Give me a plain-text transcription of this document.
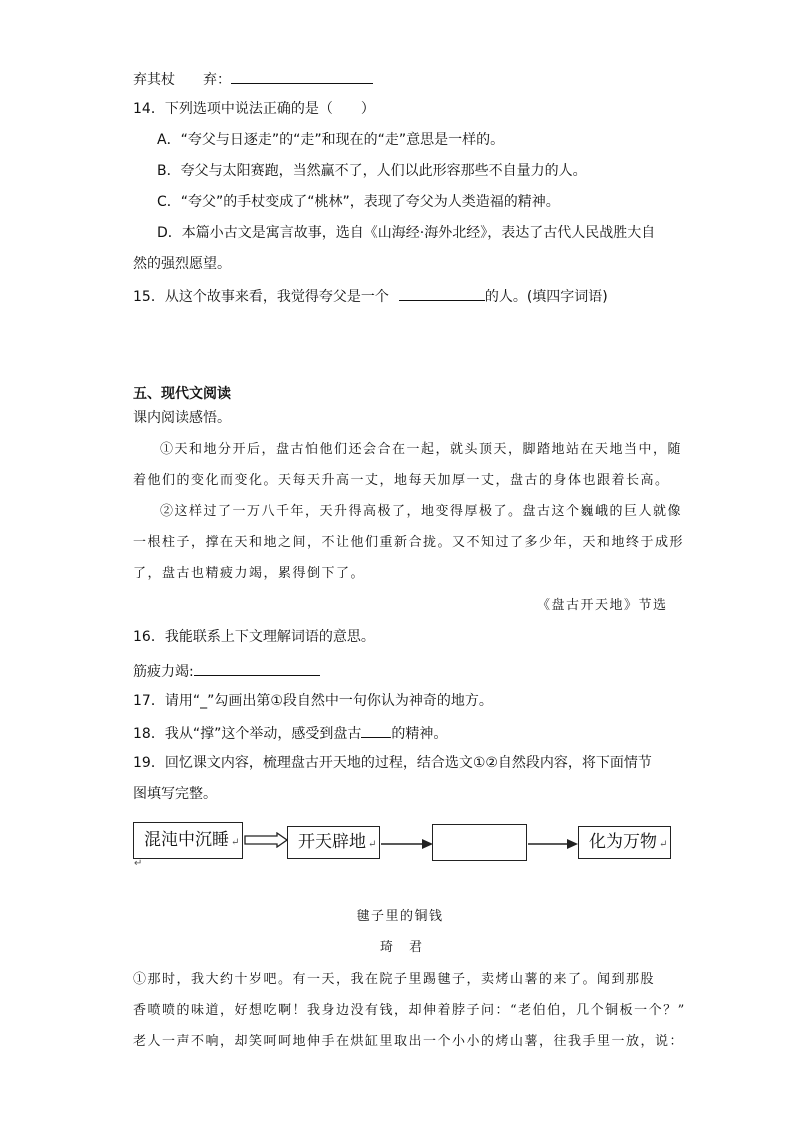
弃其杖 弃：
14．下列选项中说法正确的是（　　）
A．“夸父与日逐走”的“走”和现在的“走”意思是一样的。
B．夸父与太阳赛跑，当然赢不了，人们以此形容那些不自量力的人。
C．“夸父”的手杖变成了“桃林”，表现了夸父为人类造福的精神。
D．本篇小古文是寓言故事，选自《山海经·海外北经》，表达了古代人民战胜大自
然的强烈愿望。
15．从这个故事来看，我觉得夸父是一个	的人。(填四字词语)
五、现代文阅读
课内阅读感悟。
①天和地分开后，盘古怕他们还会合在一起，就头顶天，脚踏地站在天地当中，随
着他们的变化而变化。天每天升高一丈，地每天加厚一丈，盘古的身体也跟着长高。
②这样过了一万八千年，天升得高极了，地变得厚极了。盘古这个巍峨的巨人就像
一根柱子，撑在天和地之间，不让他们重新合拢。又不知过了多少年，天和地终于成形
了，盘古也精疲力竭，累得倒下了。
《盘古开天地》节选
16．我能联系上下文理解词语的意思。
筋疲力竭:
17．请用“_”勾画出第①段自然中一句你认为神奇的地方。
18．我从“撑”这个举动，感受到盘古 的精神。
19．回忆课文内容，梳理盘古开天地的过程，结合选文①②自然段内容，将下面情节
图填写完整。
混沌中沉睡 ↵	开天辟地 ↵	化为万物 ↵
↵
毽子里的铜钱
琦　君
①那时，我大约十岁吧。有一天，我在院子里踢毽子，卖烤山薯的来了。闻到那股
香喷喷的味道，好想吃啊！我身边没有钱，却伸着脖子问：“老伯伯，几个铜板一个？”
老人一声不响，却笑呵呵地伸手在烘缸里取出一个小小的烤山薯，往我手里一放，说：
